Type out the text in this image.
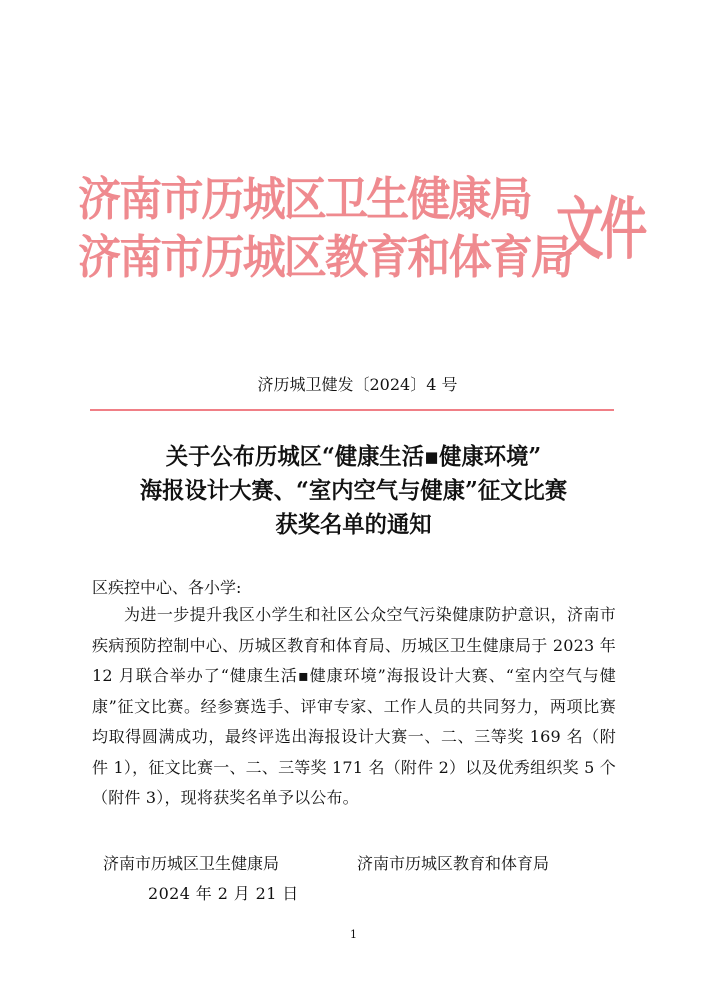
济南市历城区卫生健康局
济南市历城区教育和体育局
文件
济历城卫健发〔2024〕4 号
关于公布历城区“健康生活▪健康环境”
海报设计大赛、“室内空气与健康”征文比赛
获奖名单的通知
区疾控中心、各小学:
为进一步提升我区小学生和社区公众空气污染健康防护意识，济南市疾病预防控制中心、历城区教育和体育局、历城区卫生健康局于 2023 年 12 月联合举办了“健康生活▪健康环境”海报设计大赛、“室内空气与健康”征文比赛。经参赛选手、评审专家、工作人员的共同努力，两项比赛均取得圆满成功，最终评选出海报设计大赛一、二、三等奖 169 名（附件 1），征文比赛一、二、三等奖 171 名（附件 2）以及优秀组织奖 5 个（附件 3），现将获奖名单予以公布。
济南市历城区卫生健康局	济南市历城区教育和体育局
2024 年 2 月 21 日
1
